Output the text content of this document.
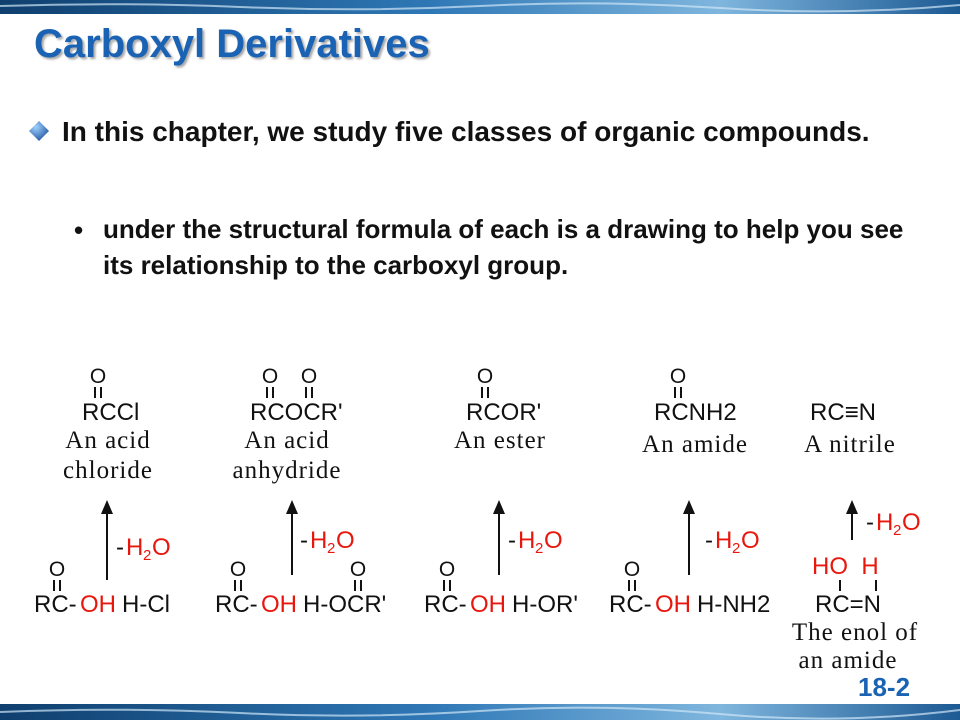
Carboxyl Derivatives

In this chapter, we study five classes of organic compounds.

• under the structural formula of each is a drawing to help you see its relationship to the carboxyl group.

O
RCCl
An acid
chloride
- H 2 O
O
RC- OH H-Cl
O O
RCOCR'
An acid
anhydride
- H 2 O
O	O
RC- OH H-OCR'
O
RCOR'
An ester
- H 2 O
O
RC- OH H-OR'
O
RCNH2
An amide
- H 2 O
O
RC- OH H-NH2
RC≡N
A nitrile
- H 2 O
HO  H
RC=N
The enol of
an amide
18-2
